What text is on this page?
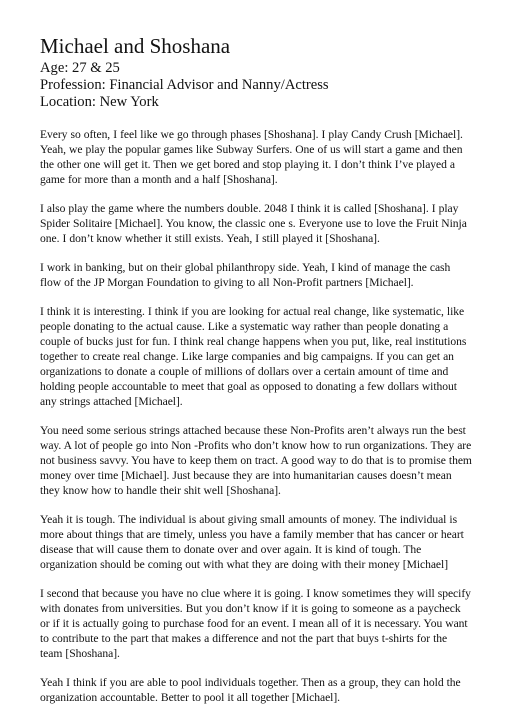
Michael and Shoshana

Age: 27 & 25

Profession: Financial Advisor and Nanny/Actress

Location: New York

Every so often, I feel like we go through phases [Shoshana]. I play Candy Crush [Michael]. Yeah, we play the popular games like Subway Surfers. One of us will start a game and then the other one will get it. Then we get bored and stop playing it. I don’t think I’ve played a game for more than a month and a half [Shoshana].

I also play the game where the numbers double. 2048 I think it is called [Shoshana]. I play Spider Solitaire [Michael]. You know, the classic one s. Everyone use to love the Fruit Ninja one. I don’t know whether it still exists. Yeah, I still played it [Shoshana].

I work in banking, but on their global philanthropy side. Yeah, I kind of manage the cash flow of the JP Morgan Foundation to giving to all Non-Profit partners [Michael].

I think it is interesting. I think if you are looking for actual real change, like systematic, like people donating to the actual cause. Like a systematic way rather than people donating a couple of bucks just for fun. I think real change happens when you put, like, real institutions together to create real change. Like large companies and big campaigns. If you can get an organizations to donate a couple of millions of dollars over a certain amount of time and holding people accountable to meet that goal as opposed to donating a few dollars without any strings attached [Michael].

You need some serious strings attached because these Non-Profits aren’t always run the best way. A lot of people go into Non -Profits who don’t know how to run organizations. They are not business savvy. You have to keep them on tract. A good way to do that is to promise them money over time [Michael]. Just because they are into humanitarian causes doesn’t mean they know how to handle their shit well [Shoshana].

Yeah it is tough. The individual is about giving small amounts of money. The individual is more about things that are timely, unless you have a family member that has cancer or heart disease that will cause them to donate over and over again. It is kind of tough. The organization should be coming out with what they are doing with their money [Michael]

I second that because you have no clue where it is going. I know sometimes they will specify with donates from universities. But you don’t know if it is going to someone as a paycheck or if it is actually going to purchase food for an event. I mean all of it is necessary. You want to contribute to the part that makes a difference and not the part that buys t-shirts for the team [Shoshana].

Yeah I think if you are able to pool individuals together. Then as a group, they can hold the organization accountable. Better to pool it all together [Michael].
